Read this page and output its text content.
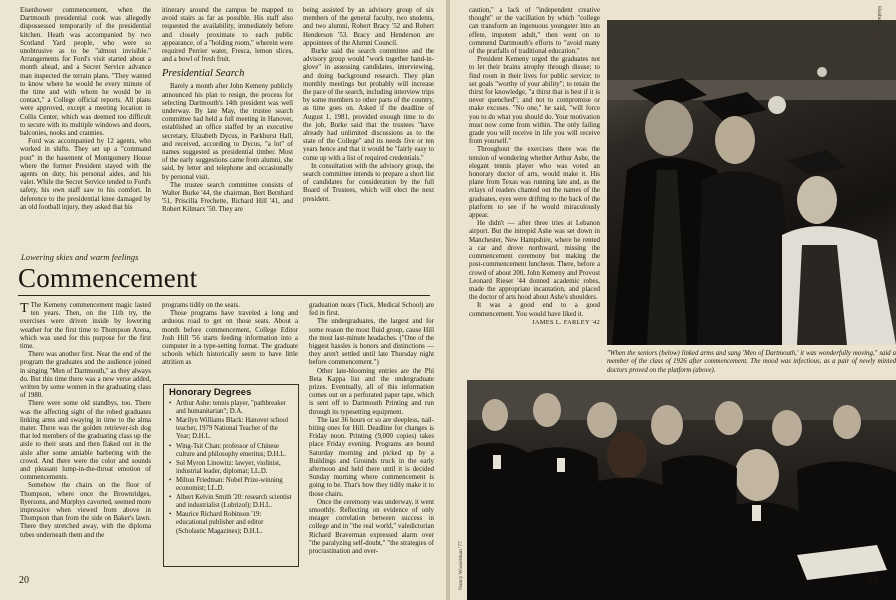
Eisenhower commencement, when the Dartmouth presidential cook was allegedly dispossessed temporarily of the presidential kitchen. Heath was accompanied by two Scotland Yard people, who were so unobtrusive as to be "almost invisible." Arrangements for Ford's visit started about a month ahead, and a Secret Service advance man inspected the terrain plans. "They wanted to know where he would be every minute of the time and with whom he would be in contact," a College official reports. All plans were approved, except a meeting location in Collis Center, which was deemed too difficult to secure with its multiple windows and doors, balconies, nooks and crannies.

Ford was accompanied by 12 agents, who worked in shifts. They set up a "command post" in the basement of Montgomery House where the former President stayed with the agents on duty, his personal aides, and his valet. While the Secret Service tended to Ford's safety, his own staff saw to his comfort. In deference to the presidential knee damaged by an old football injury, they asked that his

itinerary around the campus be mapped to avoid stairs as far as possible. His staff also requested the availability, immediately before and closely proximate to each public appearance, of a "holding room," wherein were required Perrier water, Fresca, lemon slices, and a bowl of fresh fruit.

Presidential Search

Barely a month after John Kemeny publicly announced his plan to resign, the process for selecting Dartmouth's 14th president was well underway. By late May, the trustee search committee had held a full meeting in Hanover, established an office staffed by an executive secretary, Elizabeth Dycus, in Parkhurst Hall, and received, according to Dycus, "a lot" of names suggested as presidential timber. Most of the early suggestions came from alumni, she said, by letter and telephone and occasionally by personal visit.

The trustee search committee consists of Walter Burke '44, the chairman, Bert Bernhard '51, Priscilla Frechette, Richard Hill '41, and Robert Kilmarx '50. They are

being assisted by an advisory group of six members of the general faculty, two students, and two alumni, Robert Bracy '52 and Robert Henderson '53. Bracy and Henderson are appointees of the Alumni Council.

Burke said the search committee and the advisory group would "work together hand-in-glove" in assessing candidates, interviewing, and doing background research. They plan monthly meetings but probably will increase the pace of the search, including interview trips by some members to other parts of the country, as time goes on. Asked if the deadline of August 1, 1981, provided enough time to do the job, Burke said that the trustees "have already had unlimited discussions as to the state of the College" and its needs five or ten years hence and that it would be "fairly easy to come up with a list of required credentials."

In consultation with the advisory group, the search committee intends to prepare a short list of candidates for consideration by the full Board of Trustees, which will elect the next president.

Lowering skies and warm feelings
Commencement

T The Kemeny commencement magic lasted ten years. Then, on the 11th try, the exercises were driven inside by lowering weather for the first time to Thompson Arena, which was used for this purpose for the first time.

There was another first. Near the end of the program the graduates and the audience joined in singing "Men of Dartmouth," as they always do. But this time there was a new verse added, written by some women in the graduating class of 1980.

There were some old standbys, too. There was the affecting sight of the robed graduates linking arms and swaying in time to the alma mater. There was the golden retriever-ish dog that led members of the graduating class up the aisle to their seats and then flaked out in the aisle after some amiable barbering with the crowd. And there were the color and sounds and pleasant lump-in-the-throat emotion of commencements.

Somehow the chairs on the floor of Thompson, where once the Brownridges, Ryersons, and Murphys cavorted, seemed more impressive when viewed from above in Thompson than from the side on Baker's lawn. There they stretched away, with the diploma tubes underneath them and the

programs tidily on the seats.

Those programs have traveled a long and arduous road to get on those seats. About a month before commencement, College Editor Josh Hill '56 starts feeding information into a computer in a type-setting format. The graduate schools which historically seem to have little attrition as

Honorary Degrees
• Arthur Ashe: tennis player, "pathbreaker and humanitarian"; D.A.
• Marilyn Williams Black: Hanover school teacher, 1979 National Teacher of the Year; D.H.L.
• Wing-Tsit Chan: professor of Chinese culture and philosophy emeritus; D.H.L.
• Sol Myron Linowitz: lawyer, violinist, industrial leader, diplomat; LL.D.
• Milton Friedman: Nobel Prize-winning economist; LL.D.
• Albert Kelvin Smith '20: research scientist and industrialist (Lubrizol); D.H.L.
• Maurice Richard Robinson '19: educational publisher and editor (Scholastic Magazines); D.H.L.

graduation nears (Tuck, Medical School) are fed in first.

The undergraduates, the largest and for some reason the most fluid group, cause Hill the most last-minute headaches. ("One of the biggest hassles is honors and distinctions — they aren't settled until late Thursday night before commencement.")

Other late-blooming entries are the Phi Beta Kappa list and the undergraduate prizes. Eventually, all of this information comes out on a perforated paper tape, which is sent off to Dartmouth Printing and run through its typesetting equipment.

The last 36 hours or so are sleepless, nail-biting ones for Hill. Deadline for changes is Friday noon. Printing (9,000 copies) takes place Friday evening. Programs are bound Saturday morning and picked up by a Buildings and Grounds truck in the early afternoon and held there until it is decided Sunday morning where commencement is going to be. That's how they tidily make it to those chairs.

Once the ceremony was underway, it went smoothly. Reflecting on evidence of only meager correlation between success in college and in "the real world," valedictorian Richard Braverman expressed alarm over "the paralyzing self-doubt," "the strategies of procrastination and over-

20

caution," a lack of "independent creative thought" or the vacillation by which "college can transform an ingenuous youngster into an effete, impotent adult," then went on to commend Dartmouth's efforts to "avoid many of the pratfalls of traditional education."

President Kemeny urged the graduates not to let their brains atrophy through disuse; to find room in their lives for public service; to set goals "worthy of your ability"; to retain the thirst for knowledge, "a thirst that is best if it is never quenched"; and not to compromise or make excuses. "No one," he said, "will force you to do what you should do. Your motivation must now come from within. The only failing grade you will receive in life you will receive from yourself."

Throughout the exercises there was the tension of wondering whether Arthur Ashe, the elegant tennis player who was voted an honorary doctor of arts, would make it. His plane from Texas was running late and, as the relays of readers chanted out the names of the graduates, eyes were drifting to the back of the platform to see if he would miraculously appear.

He didn't — after three tries at Lebanon airport. But the intrepid Ashe was set down in Manchester, New Hampshire, where he rented a car and drove northward, missing the commencement ceremony but making the post-commencement luncheon. There, before a crowd of about 200, John Kemeny and Provost Leonard Rieser '44 donned academic robes, made the appropriate incantation, and placed the doctor of arts hood about Ashe's shoulders.

It was a good end to a good commencement. You would have liked it.

JAMES L. FARLEY '42

Hanbury/Olson
"When the seniors (below) linked arms and sang 'Men of Dartmouth,' it was wonderfully moving," said a member of the class of 1926 after commencement. The mood was infectious, as a pair of newly minted doctors proved on the platform (above).
Nancy Wasserman '77	21
